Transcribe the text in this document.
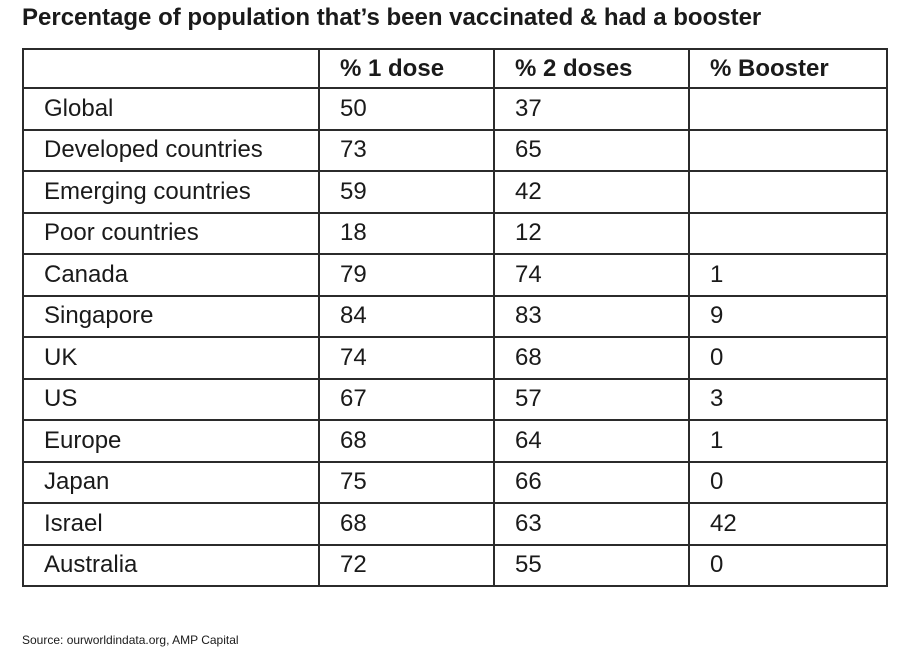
Percentage of population that’s been vaccinated & had a booster
	% 1 dose	% 2 doses	% Booster
Global	50	37	
Developed countries	73	65	
Emerging countries	59	42	
Poor countries	18	12	
Canada	79	74	1
Singapore	84	83	9
UK	74	68	0
US	67	57	3
Europe	68	64	1
Japan	75	66	0
Israel	68	63	42
Australia	72	55	0
Source: ourworldindata.org, AMP Capital
